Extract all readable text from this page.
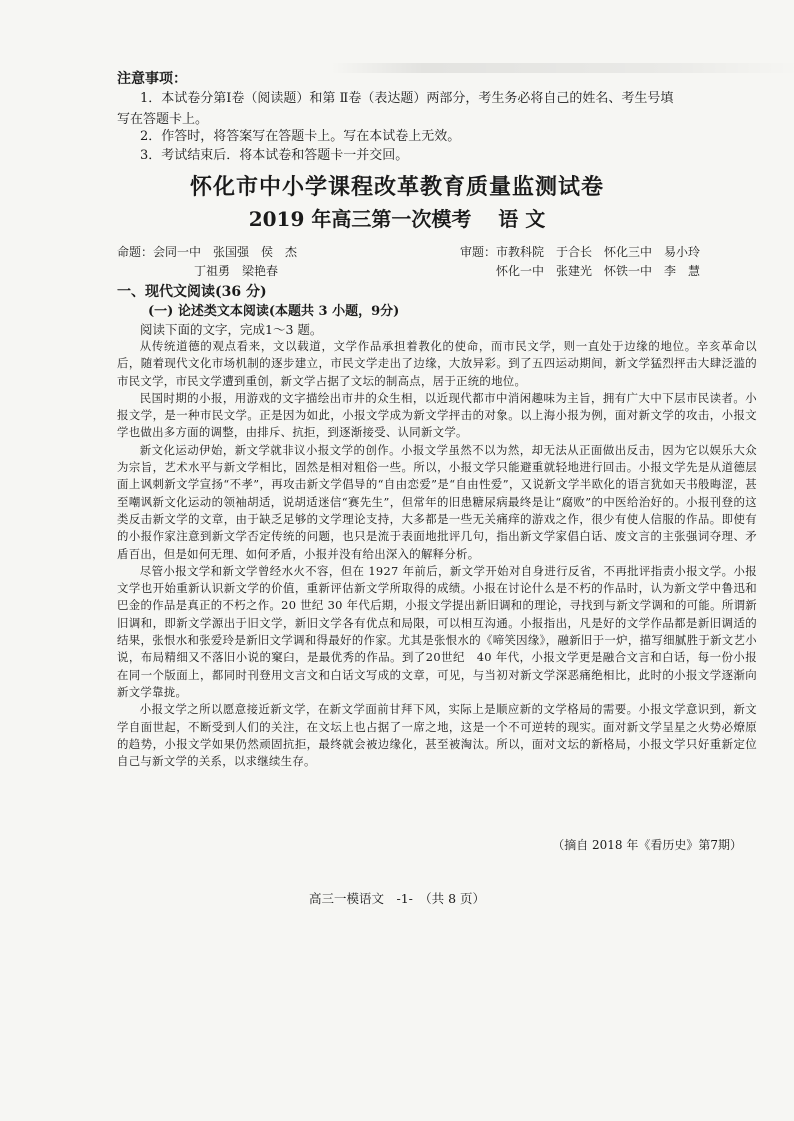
注意事项：
1．本试卷分第Ⅰ卷（阅读题）和第 Ⅱ卷（表达题）两部分，考生务必将自己的姓名、考生号填
写在答题卡上。
2．作答时，将答案写在答题卡上。写在本试卷上无效。
3．考试结束后．将本试卷和答题卡一并交回。
怀化市中小学课程改革教育质量监测试卷
2019 年高三第一次模考　 语 文
命题：会同一中　张国强　侯　杰
丁祖勇　梁艳春
审题：市教科院　于合长　怀化三中　易小玲
怀化一中　张建光　怀铁一中　李　慧
一、现代文阅读(36 分)
(一) 论述类文本阅读(本题共 3 小题，9分)
阅读下面的文字，完成1～3 题。

从传统道德的观点看来，文以载道，文学作品承担着教化的使命，而市民文学，则一直处于边缘的地位。辛亥革命以后，随着现代文化市场机制的逐步建立，市民文学走出了边缘，大放异彩。到了五四运动期间，新文学猛烈抨击大肆泛滥的市民文学，市民文学遭到重创，新文学占据了文坛的制高点，居于正统的地位。

民国时期的小报，用游戏的文字描绘出市井的众生相，以近现代都市中消闲趣味为主旨，拥有广大中下层市民读者。小报文学，是一种市民文学。正是因为如此，小报文学成为新文学抨击的对象。以上海小报为例，面对新文学的攻击，小报文学也做出多方面的调整，由排斥、抗拒，到逐渐接受、认同新文学。

新文化运动伊始，新文学就非议小报文学的创作。小报文学虽然不以为然，却无法从正面做出反击，因为它以娱乐大众为宗旨，艺术水平与新文学相比，固然是相对粗俗一些。所以，小报文学只能避重就轻地进行回击。小报文学先是从道德层面上讽刺新文学宣扬“不孝”，再攻击新文学倡导的“自由恋爱”是“自由性爱”，又说新文学半欧化的语言犹如天书般晦涩，甚至嘲讽新文化运动的领袖胡适，说胡适迷信“赛先生”，但常年的旧患糖尿病最终是让“腐败”的中医给治好的。小报刊登的这类反击新文学的文章，由于缺乏足够的文学理论支持，大多都是一些无关痛痒的游戏之作，很少有使人信服的作品。即使有的小报作家注意到新文学否定传统的问题，也只是流于表面地批评几句，指出新文学家倡白话、废文言的主张强词夺理、矛盾百出，但是如何无理、如何矛盾，小报并没有给出深入的解释分析。

尽管小报文学和新文学曾经水火不容，但在 1927 年前后，新文学开始对自身进行反省，不再批评指责小报文学。小报文学也开始重新认识新文学的价值，重新评估新文学所取得的成绩。小报在讨论什么是不朽的作品时，认为新文学中鲁迅和巴金的作品是真正的不朽之作。20 世纪 30 年代后期，小报文学提出新旧调和的理论，寻找到与新文学调和的可能。所谓新旧调和，即新文学源出于旧文学，新旧文学各有优点和局限，可以相互沟通。小报指出，凡是好的文学作品都是新旧调适的结果，张恨水和张爱玲是新旧文学调和得最好的作家。尤其是张恨水的《啼笑因缘》，融新旧于一炉，描写细腻胜于新文艺小说，布局精细又不落旧小说的窠臼，是最优秀的作品。到了20世纪　40 年代，小报文学更是融合文言和白话，每一份小报在同一个版面上，都同时刊登用文言文和白话文写成的文章，可见，与当初对新文学深恶痛绝相比，此时的小报文学逐渐向新文学靠拢。

小报文学之所以愿意接近新文学，在新文学面前甘拜下风，实际上是顺应新的文学格局的需要。小报文学意识到，新文学自面世起，不断受到人们的关注，在文坛上也占据了一席之地，这是一个不可逆转的现实。面对新文学呈星之火势必燎原的趋势，小报文学如果仍然顽固抗拒，最终就会被边缘化，甚至被淘汰。所以，面对文坛的新格局，小报文学只好重新定位自己与新文学的关系，以求继续生存。

（摘自 2018 年《看历史》第7期）
高三一模语文　-1-　（共 8 页）
